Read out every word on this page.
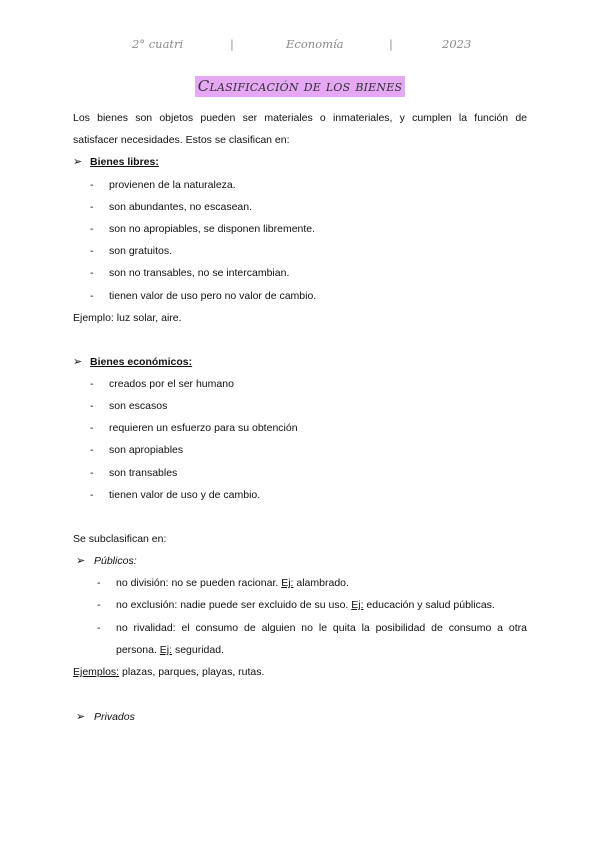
2° cuatri	|	Economía	|	2023
Clasificación de los bienes
Los bienes son objetos pueden ser materiales o inmateriales, y cumplen la función de
satisfacer necesidades. Estos se clasifican en:
➢ Bienes libres:
- provienen de la naturaleza.
- son abundantes, no escasean.
- son no apropiables, se disponen libremente.
- son gratuitos.
- son no transables, no se intercambian.
- tienen valor de uso pero no valor de cambio.
Ejemplo: luz solar, aire.
➢ Bienes económicos:
- creados por el ser humano
- son escasos
- requieren un esfuerzo para su obtención
- son apropiables
- son transables
- tienen valor de uso y de cambio.
Se subclasifican en:
➢ Públicos:
- no división: no se pueden racionar. Ej: alambrado.
- no exclusión: nadie puede ser excluido de su uso. Ej: educación y salud públicas.
- no rivalidad: el consumo de alguien no le quita la posibilidad de consumo a otra
persona. Ej: seguridad.
Ejemplos: plazas, parques, playas, rutas.
➢ Privados
